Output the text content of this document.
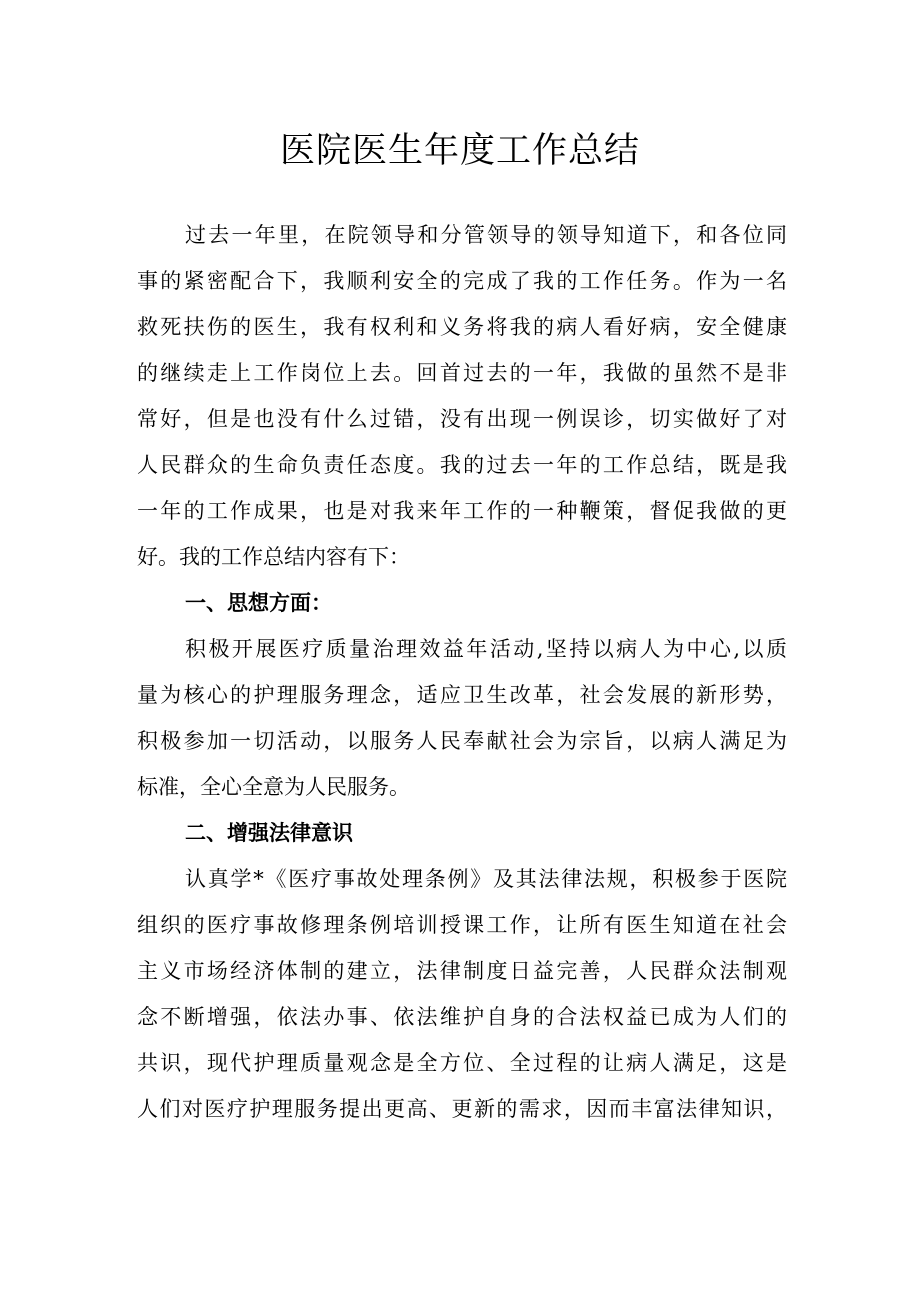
医院医生年度工作总结
过去一年里，在院领导和分管领导的领导知道下，和各位同
事的紧密配合下，我顺利安全的完成了我的工作任务。作为一名
救死扶伤的医生，我有权利和义务将我的病人看好病，安全健康
的继续走上工作岗位上去。回首过去的一年，我做的虽然不是非
常好，但是也没有什么过错，没有出现一例误诊，切实做好了对
人民群众的生命负责任态度。我的过去一年的工作总结，既是我
一年的工作成果，也是对我来年工作的一种鞭策，督促我做的更
好。我的工作总结内容有下：
一、思想方面：
积极开展医疗质量治理效益年活动,坚持以病人为中心,以质
量为核心的护理服务理念，适应卫生改革，社会发展的新形势，
积极参加一切活动，以服务人民奉献社会为宗旨，以病人满足为
标准，全心全意为人民服务。
二、增强法律意识
认真学*《医疗事故处理条例》及其法律法规，积极参于医院
组织的医疗事故修理条例培训授课工作，让所有医生知道在社会
主义市场经济体制的建立，法律制度日益完善，人民群众法制观
念不断增强，依法办事、依法维护自身的合法权益已成为人们的
共识，现代护理质量观念是全方位、全过程的让病人满足，这是
人们对医疗护理服务提出更高、更新的需求，因而丰富法律知识，
